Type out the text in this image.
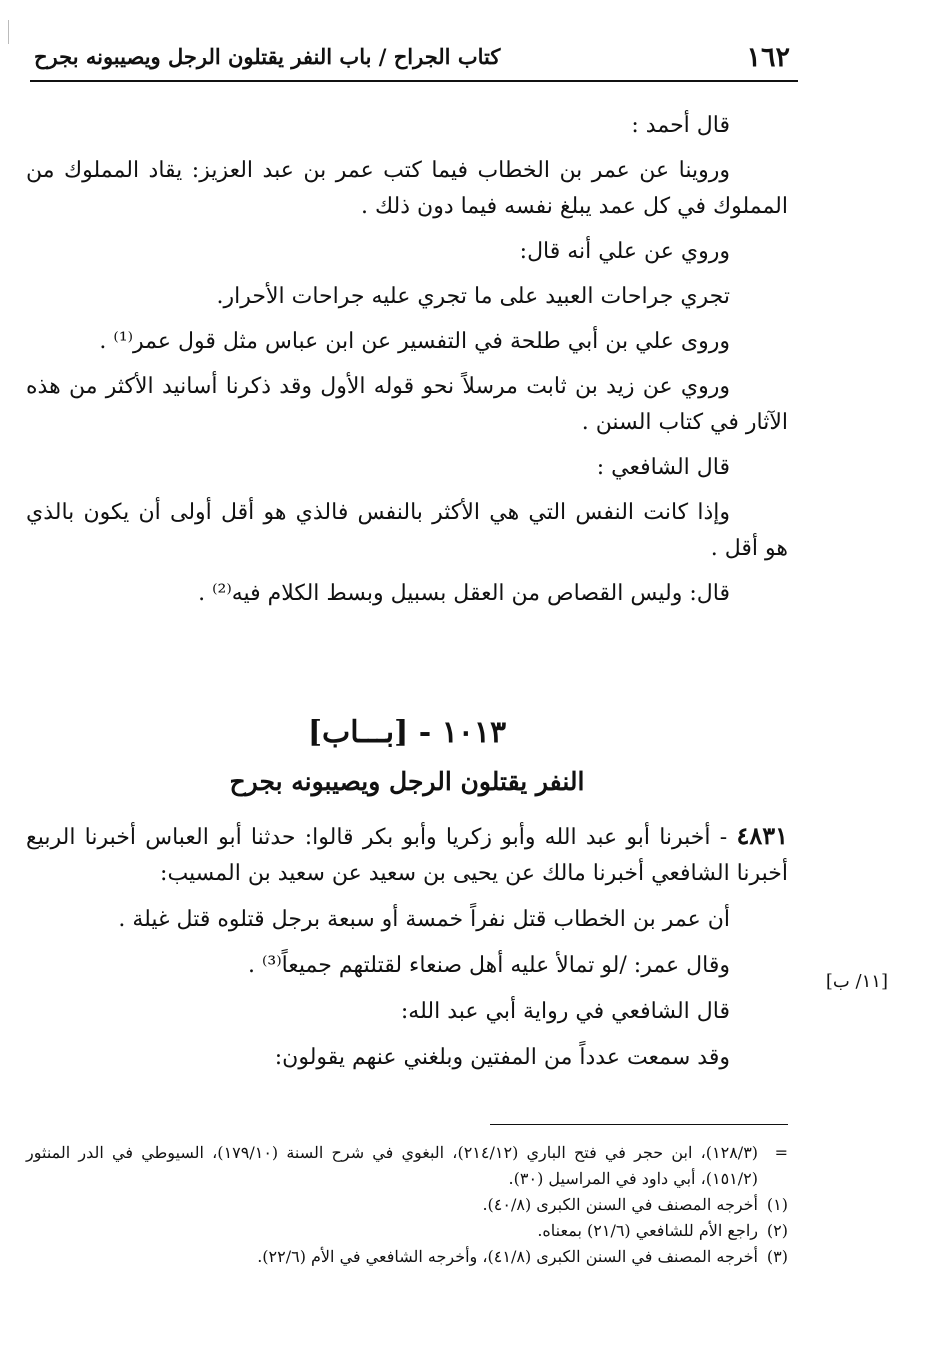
١٦٢
كتاب الجراح / باب النفر يقتلون الرجل ويصيبونه بجرح

قال أحمد :

وروينا عن عمر بن الخطاب فيما كتب عمر بن عبد العزيز: يقاد المملوك من المملوك في كل عمد يبلغ نفسه فيما دون ذلك .

وروي عن علي أنه قال:

تجري جراحات العبيد على ما تجري عليه جراحات الأحرار.

وروى علي بن أبي طلحة في التفسير عن ابن عباس مثل قول عمر⁽¹⁾ .

وروي عن زيد بن ثابت مرسلاً نحو قوله الأول وقد ذكرنا أسانيد الأكثر من هذه الآثار في كتاب السنن .

قال الشافعي :

وإذا كانت النفس التي هي الأكثر بالنفس فالذي هو أقل أولى أن يكون بالذي هو أقل .

قال: وليس القصاص من العقل بسبيل وبسط الكلام فيه⁽²⁾ .

١٠١٣ - [بـــاب]
النفر يقتلون الرجل ويصيبونه بجرح

٤٨٣١ - أخبرنا أبو عبد الله وأبو زكريا وأبو بكر قالوا: حدثنا أبو العباس أخبرنا الربيع أخبرنا الشافعي أخبرنا مالك عن يحيى بن سعيد عن سعيد بن المسيب:

أن عمر بن الخطاب قتل نفراً خمسة أو سبعة برجل قتلوه قتل غيلة .

وقال عمر: /لو تمالأ عليه أهل صنعاء لقتلتهم جميعاً⁽³⁾ .

قال الشافعي في رواية أبي عبد الله:

وقد سمعت عدداً من المفتين وبلغني عنهم يقولون:

[١١/ ب]

=
(١٢٨/٣)، ابن حجر في فتح الباري (٢١٤/١٢)، البغوي في شرح السنة (١٧٩/١٠)، السيوطي في الدر المنثور (١٥١/٢)، أبي داود في المراسيل (٣٠).

(١)
أخرجه المصنف في السنن الكبرى (٤٠/٨).

(٢)
راجع الأم للشافعي (٢١/٦) بمعناه.

(٣)
أخرجه المصنف في السنن الكبرى (٤١/٨)، وأخرجه الشافعي في الأم (٢٢/٦).
